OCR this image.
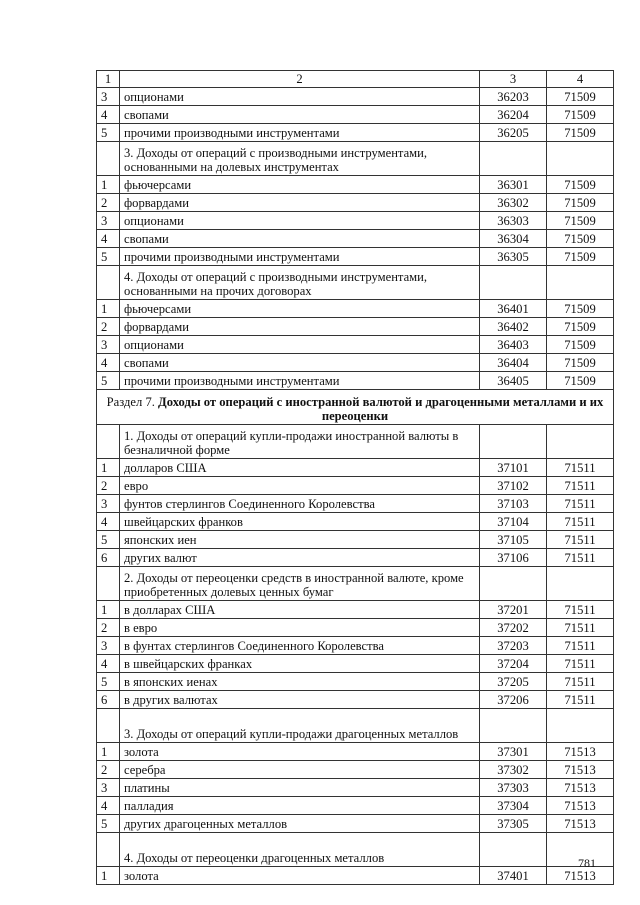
1	2	3	4
3	опционами	36203	71509
4	свопами	36204	71509
5	прочими производными инструментами	36205	71509
	3. Доходы от операций с производными инструментами, основанными на долевых инструментах		
1	фьючерсами	36301	71509
2	форвардами	36302	71509
3	опционами	36303	71509
4	свопами	36304	71509
5	прочими производными инструментами	36305	71509
	4. Доходы от операций с производными инструментами, основанными на прочих договорах		
1	фьючерсами	36401	71509
2	форвардами	36402	71509
3	опционами	36403	71509
4	свопами	36404	71509
5	прочими производными инструментами	36405	71509
Раздел 7. Доходы от операций с иностранной валютой и драгоценными металлами и их переоценки			
	1. Доходы от операций купли-продажи иностранной валюты в безналичной форме		
1	долларов США	37101	71511
2	евро	37102	71511
3	фунтов стерлингов Соединенного Королевства	37103	71511
4	швейцарских франков	37104	71511
5	японских иен	37105	71511
6	других валют	37106	71511
	2. Доходы от переоценки средств в иностранной валюте, кроме приобретенных долевых ценных бумаг		
1	в долларах США	37201	71511
2	в евро	37202	71511
3	в фунтах стерлингов Соединенного Королевства	37203	71511
4	в швейцарских франках	37204	71511
5	в японских иенах	37205	71511
6	в других валютах	37206	71511
	3. Доходы от операций купли-продажи драгоценных металлов		
1	золота	37301	71513
2	серебра	37302	71513
3	платины	37303	71513
4	палладия	37304	71513
5	других драгоценных металлов	37305	71513
	4. Доходы от переоценки драгоценных металлов		
1	золота	37401	71513
781
